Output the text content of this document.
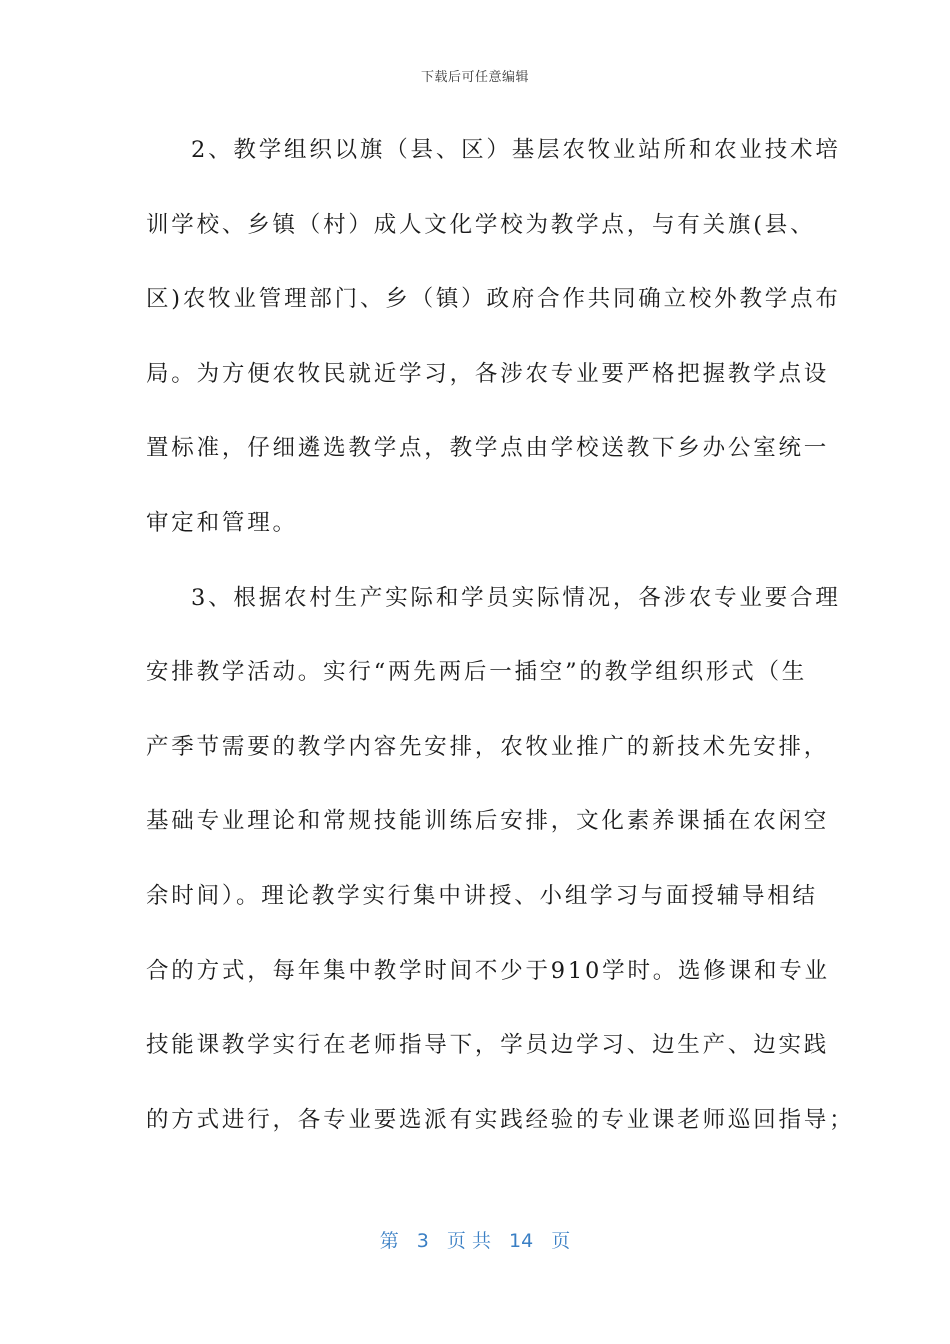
下载后可任意编辑
2、教学组织以旗（县、区）基层农牧业站所和农业技术培
训学校、乡镇（村）成人文化学校为教学点，与有关旗(县、
区)农牧业管理部门、乡（镇）政府合作共同确立校外教学点布
局。为方便农牧民就近学习，各涉农专业要严格把握教学点设
置标准，仔细遴选教学点，教学点由学校送教下乡办公室统一
审定和管理。
3、根据农村生产实际和学员实际情况，各涉农专业要合理
安排教学活动。实行“两先两后一插空”的教学组织形式（生
产季节需要的教学内容先安排，农牧业推广的新技术先安排，
基础专业理论和常规技能训练后安排，文化素养课插在农闲空
余时间）。理论教学实行集中讲授、小组学习与面授辅导相结
合的方式，每年集中教学时间不少于910学时。选修课和专业
技能课教学实行在老师指导下，学员边学习、边生产、边实践
的方式进行，各专业要选派有实践经验的专业课老师巡回指导；
第 3 页 共 14 页
